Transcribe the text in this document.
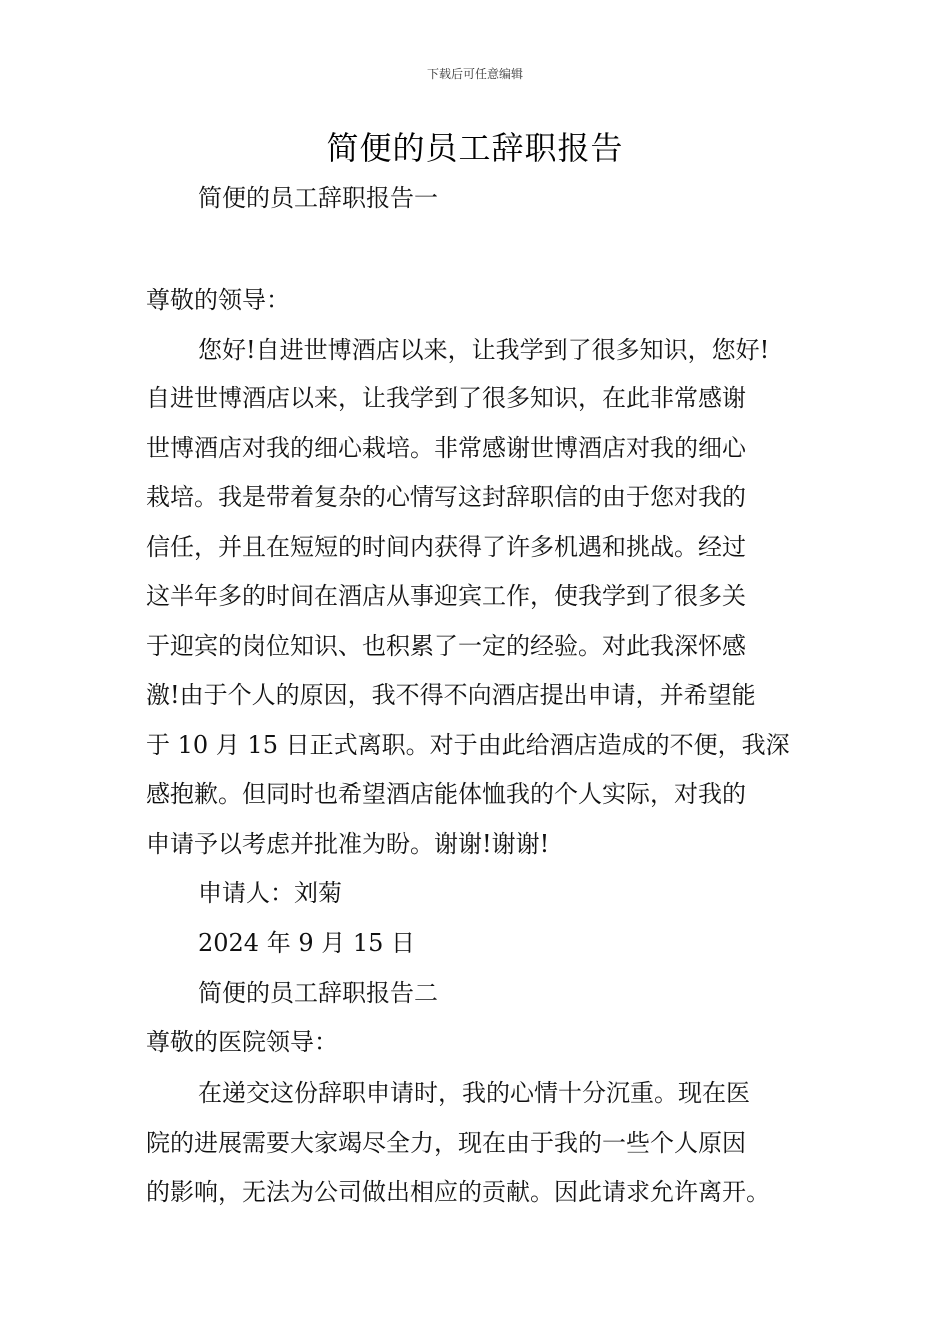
下载后可任意编辑
简便的员工辞职报告
简便的员工辞职报告一
尊敬的领导：
您好!自进世博酒店以来，让我学到了很多知识，您好!
自进世博酒店以来，让我学到了很多知识，在此非常感谢
世博酒店对我的细心栽培。非常感谢世博酒店对我的细心
栽培。我是带着复杂的心情写这封辞职信的由于您对我的
信任，并且在短短的时间内获得了许多机遇和挑战。经过
这半年多的时间在酒店从事迎宾工作，使我学到了很多关
于迎宾的岗位知识、也积累了一定的经验。对此我深怀感
激!由于个人的原因，我不得不向酒店提出申请，并希望能
于 10 月 15 日正式离职。对于由此给酒店造成的不便，我深
感抱歉。但同时也希望酒店能体恤我的个人实际，对我的
申请予以考虑并批准为盼。谢谢!谢谢!
申请人：刘菊
2024 年 9 月 15 日
简便的员工辞职报告二
尊敬的医院领导：
在递交这份辞职申请时，我的心情十分沉重。现在医
院的进展需要大家竭尽全力，现在由于我的一些个人原因
的影响，无法为公司做出相应的贡献。因此请求允许离开。
